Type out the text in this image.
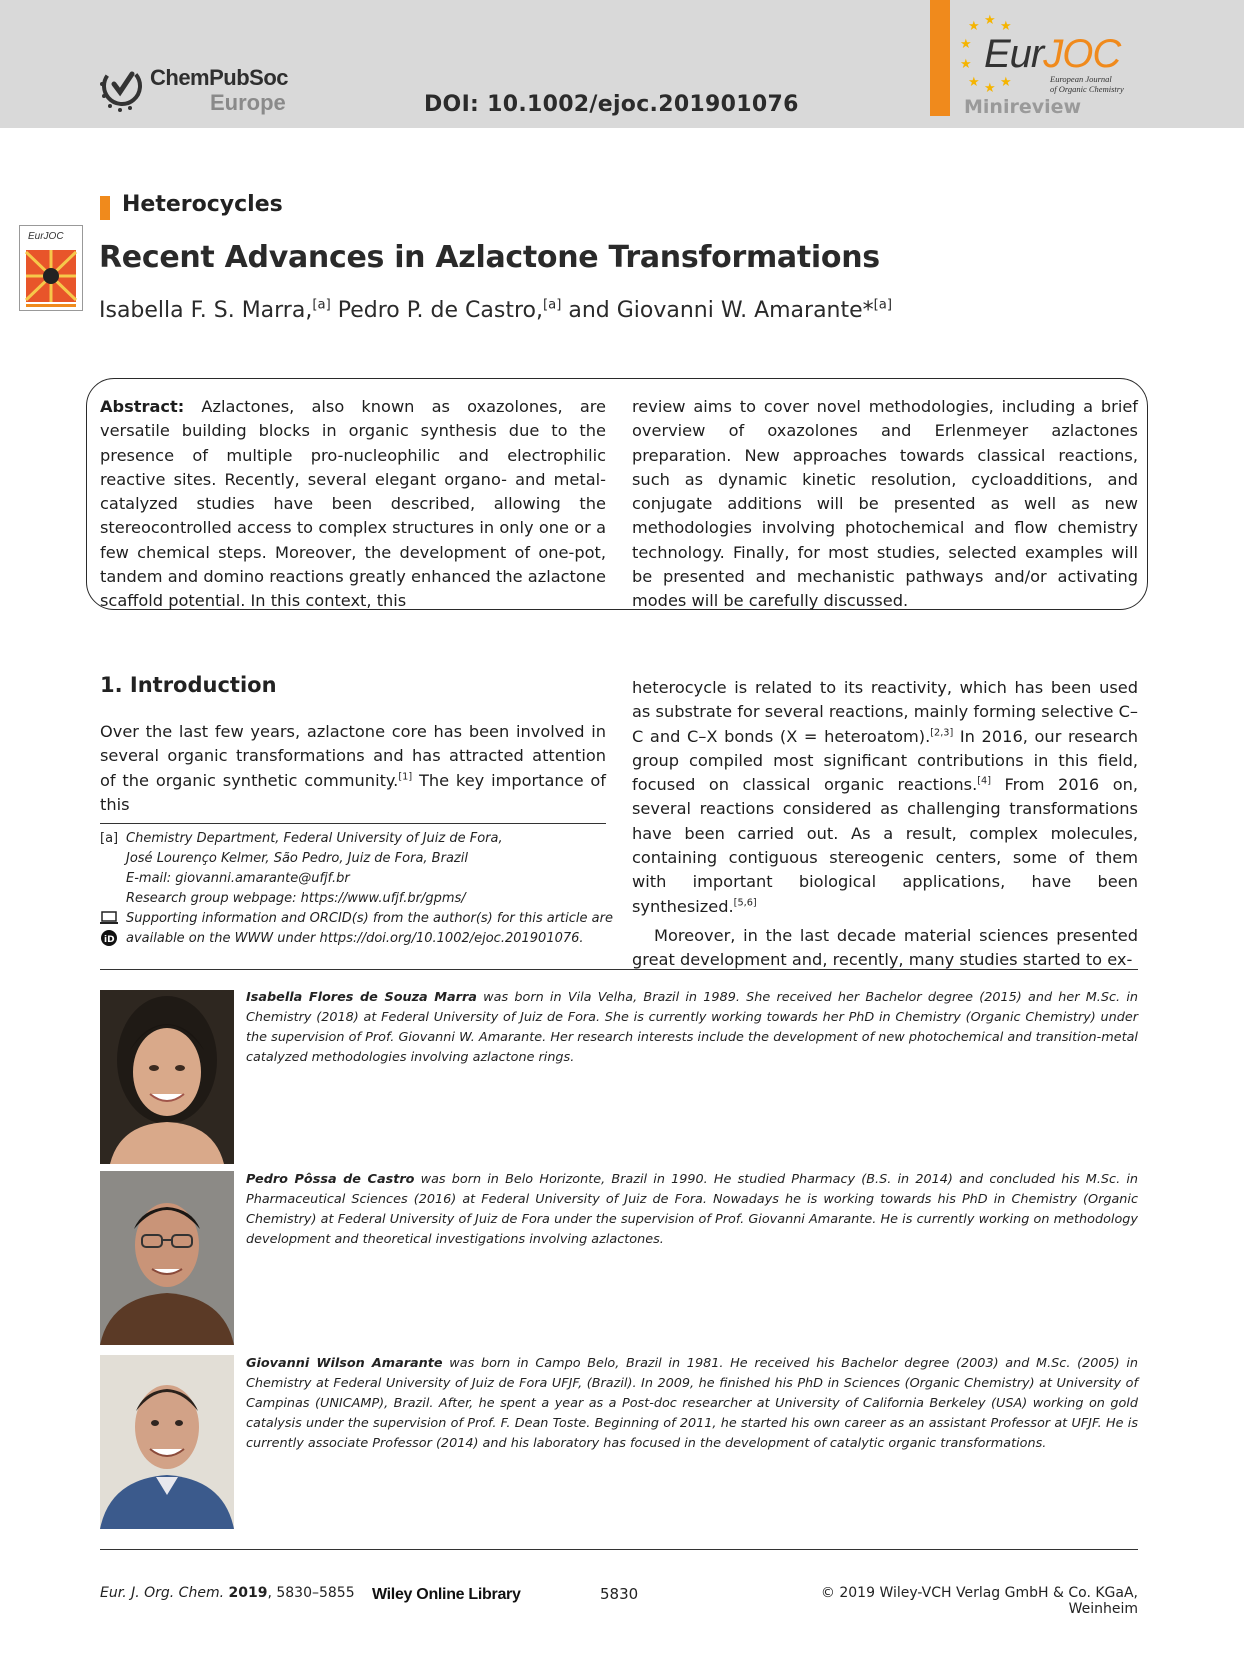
ChemPubSoc
Europe	DOI: 10.1002/ejoc.201901076
★ ★ ★
★
★
★ ★ ★
EurJOC
European Journal
of Organic Chemistry
Minireview
Heterocycles
EurJOC
Recent Advances in Azlactone Transformations
Isabella F. S. Marra,[a] Pedro P. de Castro,[a] and Giovanni W. Amarante*[a]
Abstract: Azlactones, also known as oxazolones, are versatile building blocks in organic synthesis due to the presence of multiple pro-nucleophilic and electrophilic reactive sites. Recently, several elegant organo- and metal-catalyzed studies have been described, allowing the stereocontrolled access to complex structures in only one or a few chemical steps. Moreover, the development of one-pot, tandem and domino reactions greatly enhanced the azlactone scaffold potential. In this context, this
review aims to cover novel methodologies, including a brief overview of oxazolones and Erlenmeyer azlactones preparation. New approaches towards classical reactions, such as dynamic kinetic resolution, cycloadditions, and conjugate additions will be presented as well as new methodologies involving photochemical and flow chemistry technology. Finally, for most studies, selected examples will be presented and mechanistic pathways and/or activating modes will be carefully discussed.
1. Introduction
Over the last few years, azlactone core has been involved in several organic transformations and has attracted attention of the organic synthetic community.[1] The key importance of this
heterocycle is related to its reactivity, which has been used as substrate for several reactions, mainly forming selective C–C and C–X bonds (X = heteroatom).[2,3] In 2016, our research group compiled most significant contributions in this field, focused on classical organic reactions.[4] From 2016 on, several reactions considered as challenging transformations have been carried out. As a result, complex molecules, containing contiguous stereogenic centers, some of them with important biological applications, have been synthesized.[5,6]
Moreover, in the last decade material sciences presented great development and, recently, many studies started to ex-
[a] Chemistry Department, Federal University of Juiz de Fora,
José Lourenço Kelmer, São Pedro, Juiz de Fora, Brazil
E-mail: giovanni.amarante@ufjf.br
Research group webpage: https://www.ufjf.br/gpms/
Supporting information and ORCID(s) from the author(s) for this article are
iD available on the WWW under https://doi.org/10.1002/ejoc.201901076.
Isabella Flores de Souza Marra was born in Vila Velha, Brazil in 1989. She received her Bachelor degree (2015) and her M.Sc. in Chemistry (2018) at Federal University of Juiz de Fora. She is currently working towards her PhD in Chemistry (Organic Chemistry) under the supervision of Prof. Giovanni W. Amarante. Her research interests include the development of new photochemical and transition-metal catalyzed methodologies involving azlactone rings.
Pedro Pôssa de Castro was born in Belo Horizonte, Brazil in 1990. He studied Pharmacy (B.S. in 2014) and concluded his M.Sc. in Pharmaceutical Sciences (2016) at Federal University of Juiz de Fora. Nowadays he is working towards his PhD in Chemistry (Organic Chemistry) at Federal University of Juiz de Fora under the supervision of Prof. Giovanni Amarante. He is currently working on methodology development and theoretical investigations involving azlactones.
Giovanni Wilson Amarante was born in Campo Belo, Brazil in 1981. He received his Bachelor degree (2003) and M.Sc. (2005) in Chemistry at Federal University of Juiz de Fora UFJF, (Brazil). In 2009, he finished his PhD in Sciences (Organic Chemistry) at University of Campinas (UNICAMP), Brazil. After, he spent a year as a Post-doc researcher at University of California Berkeley (USA) working on gold catalysis under the supervision of Prof. F. Dean Toste. Beginning of 2011, he started his own career as an assistant Professor at UFJF. He is currently associate Professor (2014) and his laboratory has focused in the development of catalytic organic transformations.
Eur. J. Org. Chem. 2019, 5830–5855 Wiley Online Library	5830	© 2019 Wiley-VCH Verlag GmbH & Co. KGaA, Weinheim
